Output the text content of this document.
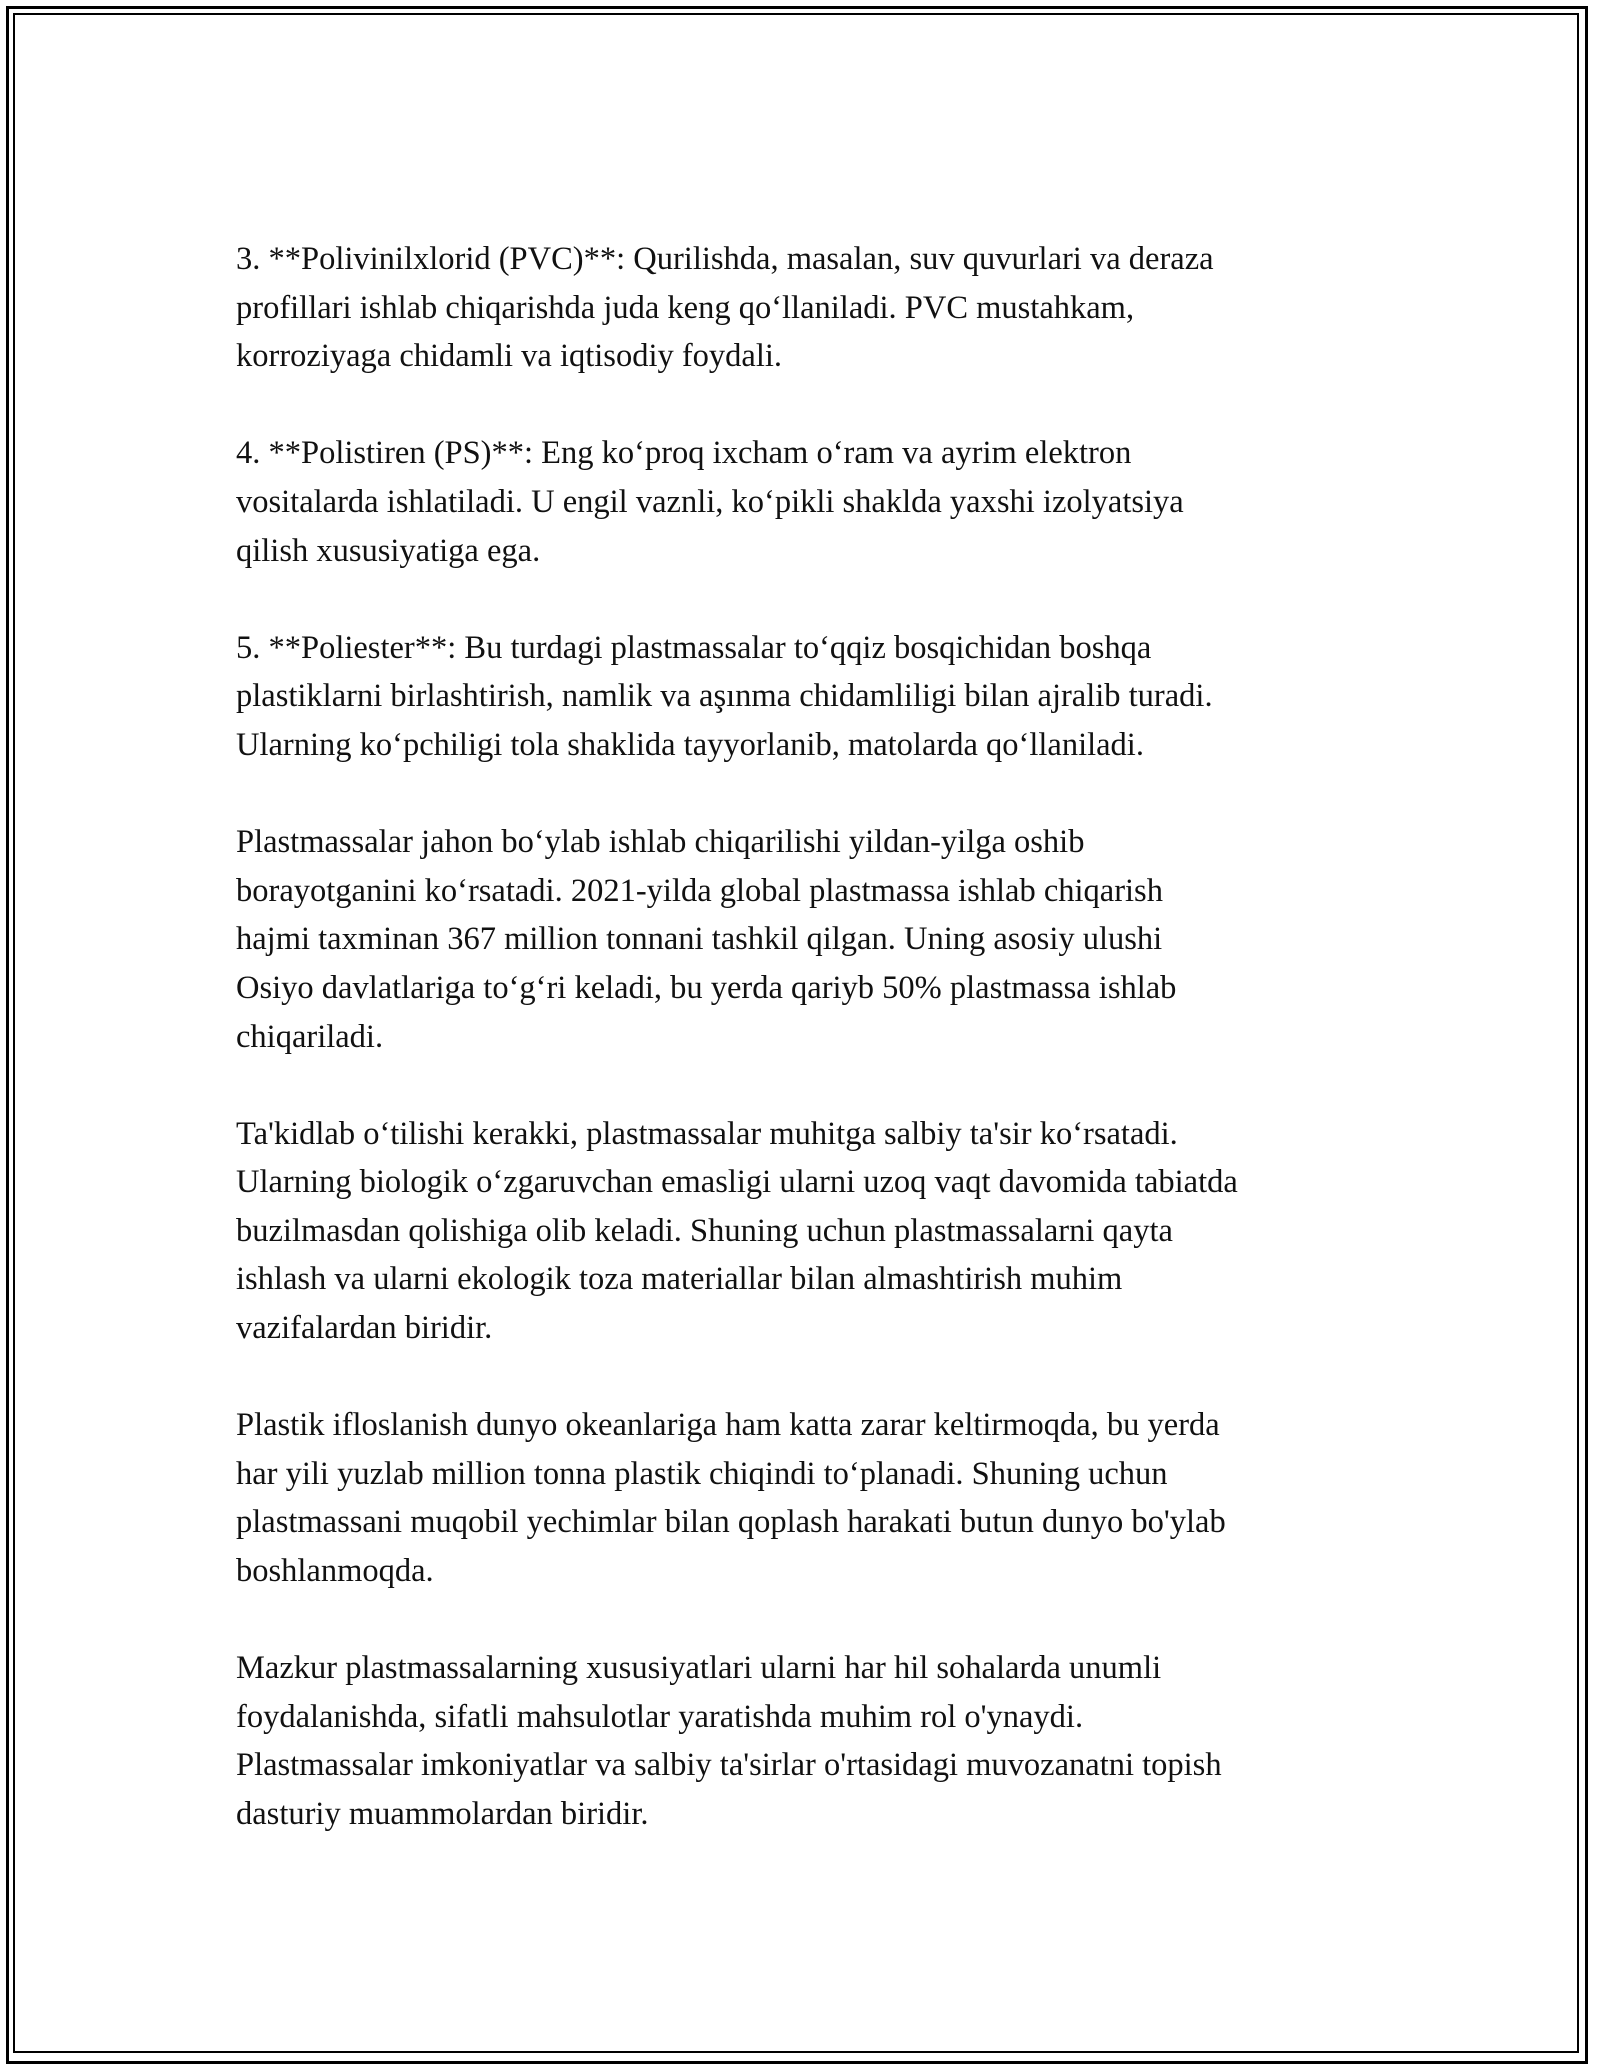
3. **Polivinilxlorid (PVC)**: Qurilishda, masalan, suv quvurlari va deraza
profillari ishlab chiqarishda juda keng qoʻllaniladi. PVC mustahkam,
korroziyaga chidamli va iqtisodiy foydali.

4. **Polistiren (PS)**: Eng koʻproq ixcham oʻram va ayrim elektron
vositalarda ishlatiladi. U engil vaznli, koʻpikli shaklda yaxshi izolyatsiya
qilish xususiyatiga ega.

5. **Poliester**: Bu turdagi plastmassalar toʻqqiz bosqichidan boshqa
plastiklarni birlashtirish, namlik va aşınma chidamliligi bilan ajralib turadi.
Ularning koʻpchiligi tola shaklida tayyorlanib, matolarda qoʻllaniladi.

Plastmassalar jahon boʻylab ishlab chiqarilishi yildan-yilga oshib
borayotganini koʻrsatadi. 2021-yilda global plastmassa ishlab chiqarish
hajmi taxminan 367 million tonnani tashkil qilgan. Uning asosiy ulushi
Osiyo davlatlariga toʻgʻri keladi, bu yerda qariyb 50% plastmassa ishlab
chiqariladi.

Ta'kidlab oʻtilishi kerakki, plastmassalar muhitga salbiy ta'sir koʻrsatadi.
Ularning biologik oʻzgaruvchan emasligi ularni uzoq vaqt davomida tabiatda
buzilmasdan qolishiga olib keladi. Shuning uchun plastmassalarni qayta
ishlash va ularni ekologik toza materiallar bilan almashtirish muhim
vazifalardan biridir.

Plastik ifloslanish dunyo okeanlariga ham katta zarar keltirmoqda, bu yerda
har yili yuzlab million tonna plastik chiqindi toʻplanadi. Shuning uchun
plastmassani muqobil yechimlar bilan qoplash harakati butun dunyo bo'ylab
boshlanmoqda.

Mazkur plastmassalarning xususiyatlari ularni har hil sohalarda unumli
foydalanishda, sifatli mahsulotlar yaratishda muhim rol o'ynaydi.
Plastmassalar imkoniyatlar va salbiy ta'sirlar o'rtasidagi muvozanatni topish
dasturiy muammolardan biridir.
